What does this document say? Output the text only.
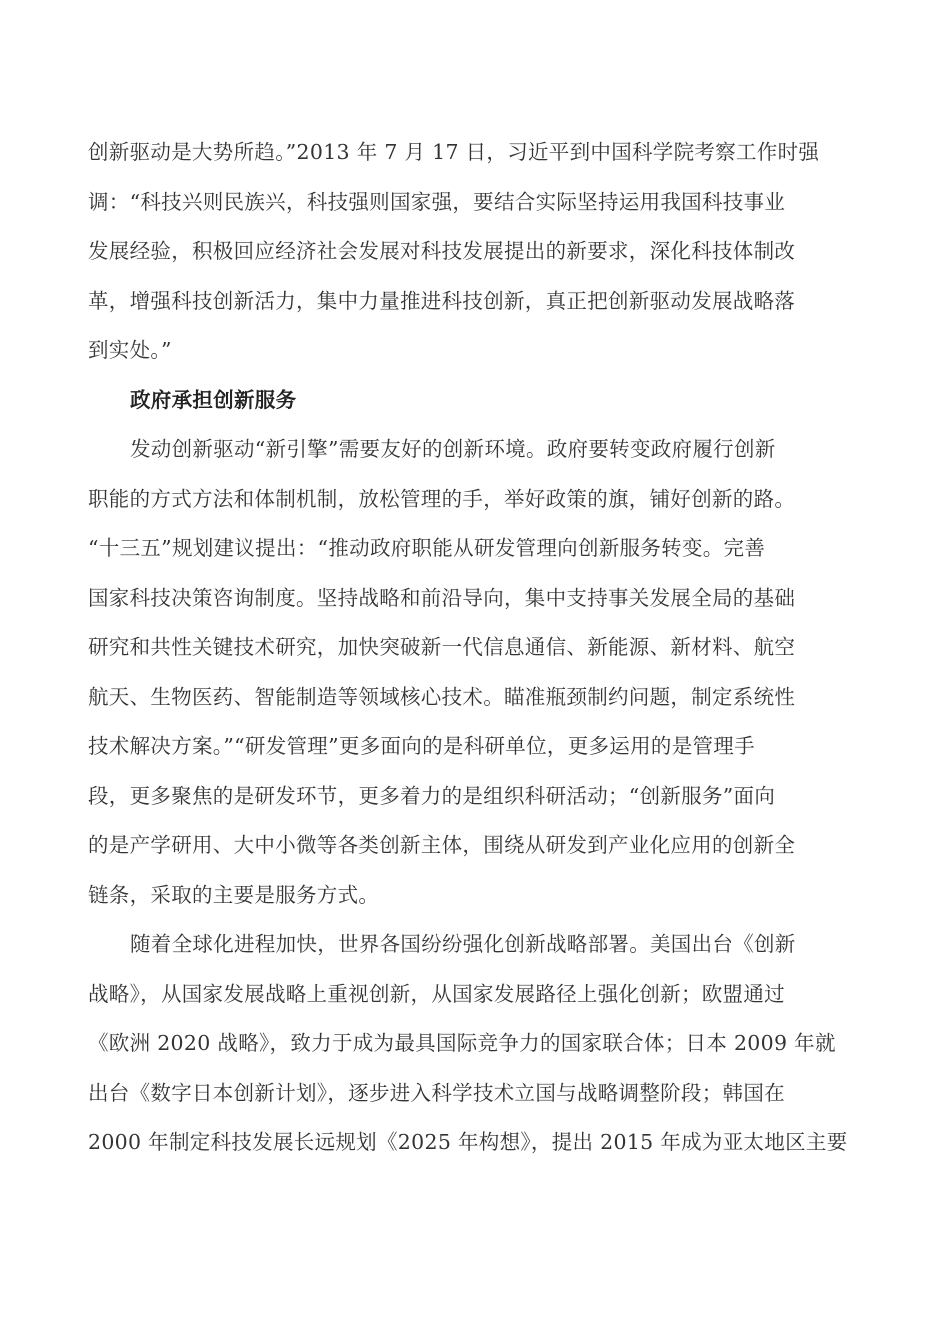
创新驱动是大势所趋。”2013 年 7 月 17 日，习近平到中国科学院考察工作时强
调：“科技兴则民族兴，科技强则国家强，要结合实际坚持运用我国科技事业
发展经验，积极回应经济社会发展对科技发展提出的新要求，深化科技体制改
革，增强科技创新活力，集中力量推进科技创新，真正把创新驱动发展战略落
到实处。”
政府承担创新服务
发动创新驱动“新引擎”需要友好的创新环境。政府要转变政府履行创新
职能的方式方法和体制机制，放松管理的手，举好政策的旗，铺好创新的路。
“十三五”规划建议提出：“推动政府职能从研发管理向创新服务转变。完善
国家科技决策咨询制度。坚持战略和前沿导向，集中支持事关发展全局的基础
研究和共性关键技术研究，加快突破新一代信息通信、新能源、新材料、航空
航天、生物医药、智能制造等领域核心技术。瞄准瓶颈制约问题，制定系统性
技术解决方案。”“研发管理”更多面向的是科研单位，更多运用的是管理手
段，更多聚焦的是研发环节，更多着力的是组织科研活动；“创新服务”面向
的是产学研用、大中小微等各类创新主体，围绕从研发到产业化应用的创新全
链条，采取的主要是服务方式。
随着全球化进程加快，世界各国纷纷强化创新战略部署。美国出台《创新
战略》，从国家发展战略上重视创新，从国家发展路径上强化创新；欧盟通过
《欧洲 2020 战略》，致力于成为最具国际竞争力的国家联合体；日本 2009 年就
出台《数字日本创新计划》，逐步进入科学技术立国与战略调整阶段；韩国在
2000 年制定科技发展长远规划《2025 年构想》，提出 2015 年成为亚太地区主要
